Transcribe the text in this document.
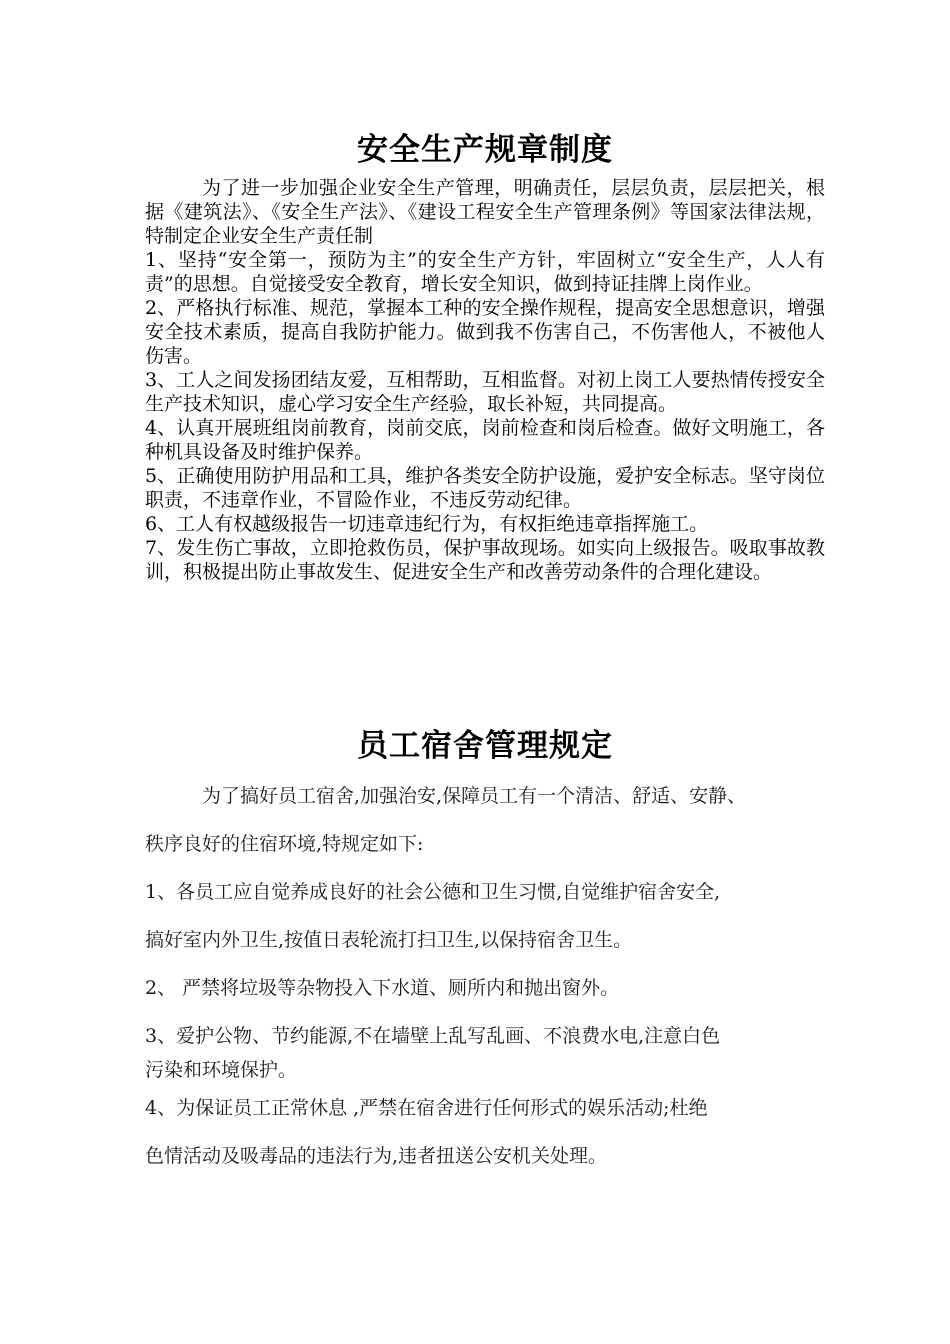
安全生产规章制度

为了进一步加强企业安全生产管理，明确责任，层层负责，层层把关，根据《建筑法》、《安全生产法》、《建设工程安全生产管理条例》等国家法律法规，特制定企业安全生产责任制

1、坚持“安全第一，预防为主”的安全生产方针，牢固树立“安全生产，人人有责”的思想。自觉接受安全教育，增长安全知识，做到持证挂牌上岗作业。

2、严格执行标准、规范，掌握本工种的安全操作规程，提高安全思想意识，增强安全技术素质，提高自我防护能力。做到我不伤害自己，不伤害他人，不被他人伤害。

3、工人之间发扬团结友爱，互相帮助，互相监督。对初上岗工人要热情传授安全生产技术知识，虚心学习安全生产经验，取长补短，共同提高。

4、认真开展班组岗前教育，岗前交底，岗前检查和岗后检查。做好文明施工，各种机具设备及时维护保养。

5、正确使用防护用品和工具，维护各类安全防护设施，爱护安全标志。坚守岗位职责，不违章作业，不冒险作业，不违反劳动纪律。

6、工人有权越级报告一切违章违纪行为，有权拒绝违章指挥施工。

7、发生伤亡事故，立即抢救伤员，保护事故现场。如实向上级报告。吸取事故教训，积极提出防止事故发生、促进安全生产和改善劳动条件的合理化建设。

员工宿舍管理规定

为了搞好员工宿舍,加强治安,保障员工有一个清洁、舒适、安静、

秩序良好的住宿环境,特规定如下:

1、各员工应自觉养成良好的社会公德和卫生习惯,自觉维护宿舍安全,

搞好室内外卫生,按值日表轮流打扫卫生,以保持宿舍卫生。

2、 严禁将垃圾等杂物投入下水道、厕所内和抛出窗外。

3、爱护公物、节约能源,不在墙壁上乱写乱画、不浪费水电,注意白色

污染和环境保护。

4、为保证员工正常休息 ,严禁在宿舍进行任何形式的娱乐活动;杜绝

色情活动及吸毒品的违法行为,违者扭送公安机关处理。
